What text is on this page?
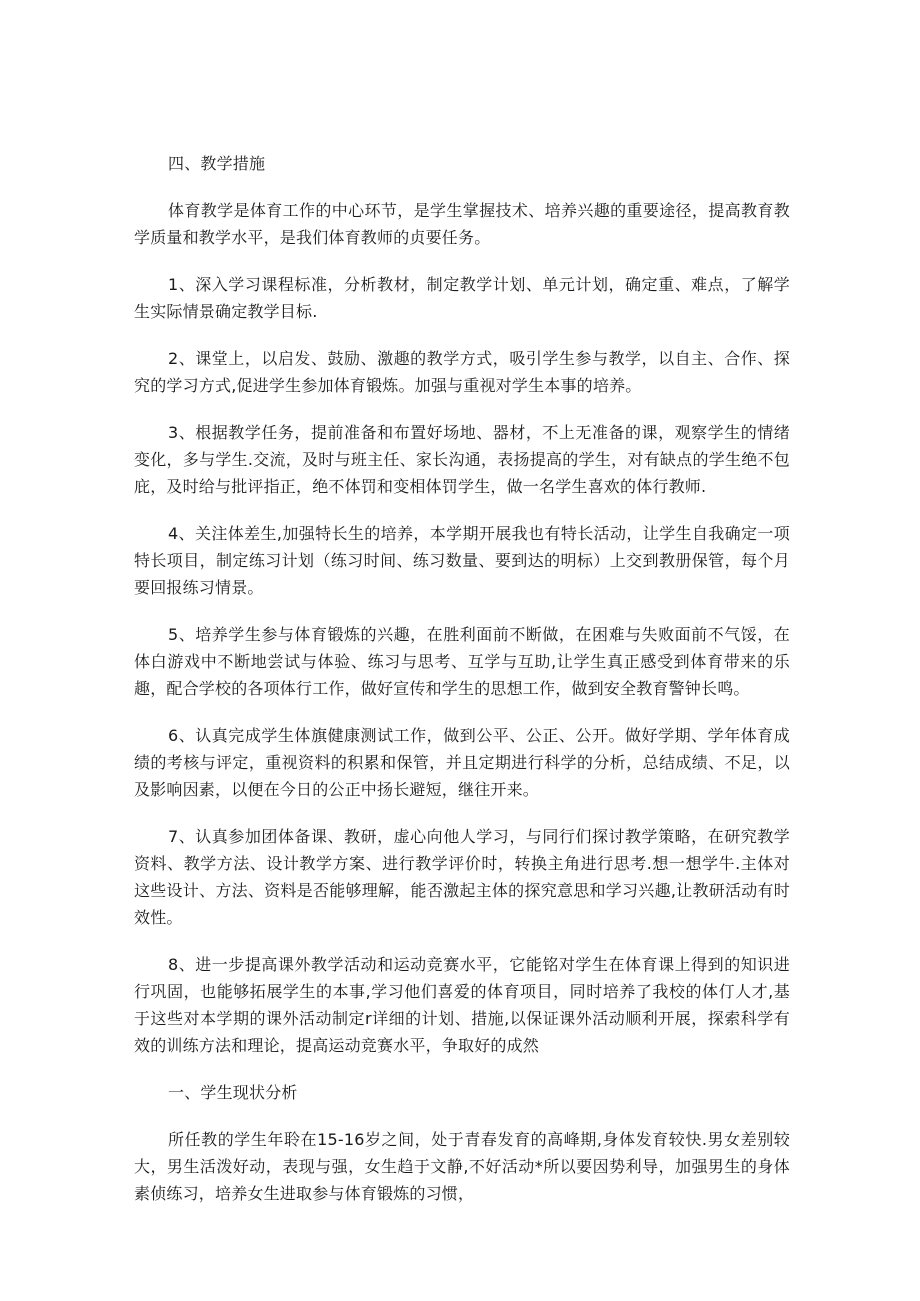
四、教学措施

体育教学是体育工作的中心环节，是学生掌握技术、培养兴趣的重要途径，提高教育教学质量和教学水平，是我们体育教师的贞要任务。

1、深入学习课程标准，分析教材，制定教学计划、单元计划，确定重、难点，了解学生实际情景确定教学目标.

2、课堂上，以启发、鼓励、激趣的教学方式，吸引学生参与教学，以自主、合作、探究的学习方式,促进学生参加体育锻炼。加强与重视对学生本事的培养。

3、根据教学任务，提前准备和布置好场地、器材，不上无准备的课，观察学生的情绪变化，多与学生.交流，及时与班主任、家长沟通，表扬提高的学生，对有缺点的学生绝不包庇，及时给与批评指正，绝不体罚和变相体罚学生，做一名学生喜欢的体行教师.

4、关注体差生,加强特长生的培养，本学期开展我也有特长活动，让学生自我确定一项特长项目，制定练习计划（练习时间、练习数量、要到达的明标）上交到教册保管，每个月要回报练习情景。

5、培养学生参与体育锻炼的兴趣，在胜利面前不断做，在困难与失败面前不气馁，在体白游戏中不断地尝试与体验、练习与思考、互学与互助,让学生真正感受到体育带来的乐趣，配合学校的各项体行工作，做好宣传和学生的思想工作，做到安全教育警钟长鸣。

6、认真完成学生体旗健康测试工作，做到公平、公正、公开。做好学期、学年体育成绩的考核与评定，重视资料的积累和保管，并且定期进行科学的分析，总结成绩、不足，以及影响因素，以便在今日的公正中扬长避短，继往开来。

7、认真参加团体备课、教研，虚心向他人学习，与同行们探讨教学策略，在研究教学资料、教学方法、设计教学方案、进行教学评价时，转换主角进行思考.想一想学牛.主体对这些设计、方法、资料是否能够理解，能否激起主体的探究意思和学习兴趣,让教研活动有时效性。

8、进一步提高课外教学活动和运动竞赛水平，它能铭对学生在体育课上得到的知识进行巩固，也能够拓展学生的本事,学习他们喜爱的体育项目，同时培养了我校的体仃人才,基于这些对本学期的课外活动制定r详细的计划、措施,以保证课外活动顺利开展，探索科学有效的训练方法和理论，提高运动竞赛水平，争取好的成然

一、学生现状分析

所任教的学生年聆在15-16岁之间，处于青春发育的高峰期,身体发育较快.男女差别较大，男生活泼好动，表现与强，女生趋于文静,不好活动*所以要因势利导，加强男生的身体素侦练习，培养女生进取参与体育锻炼的习惯，
